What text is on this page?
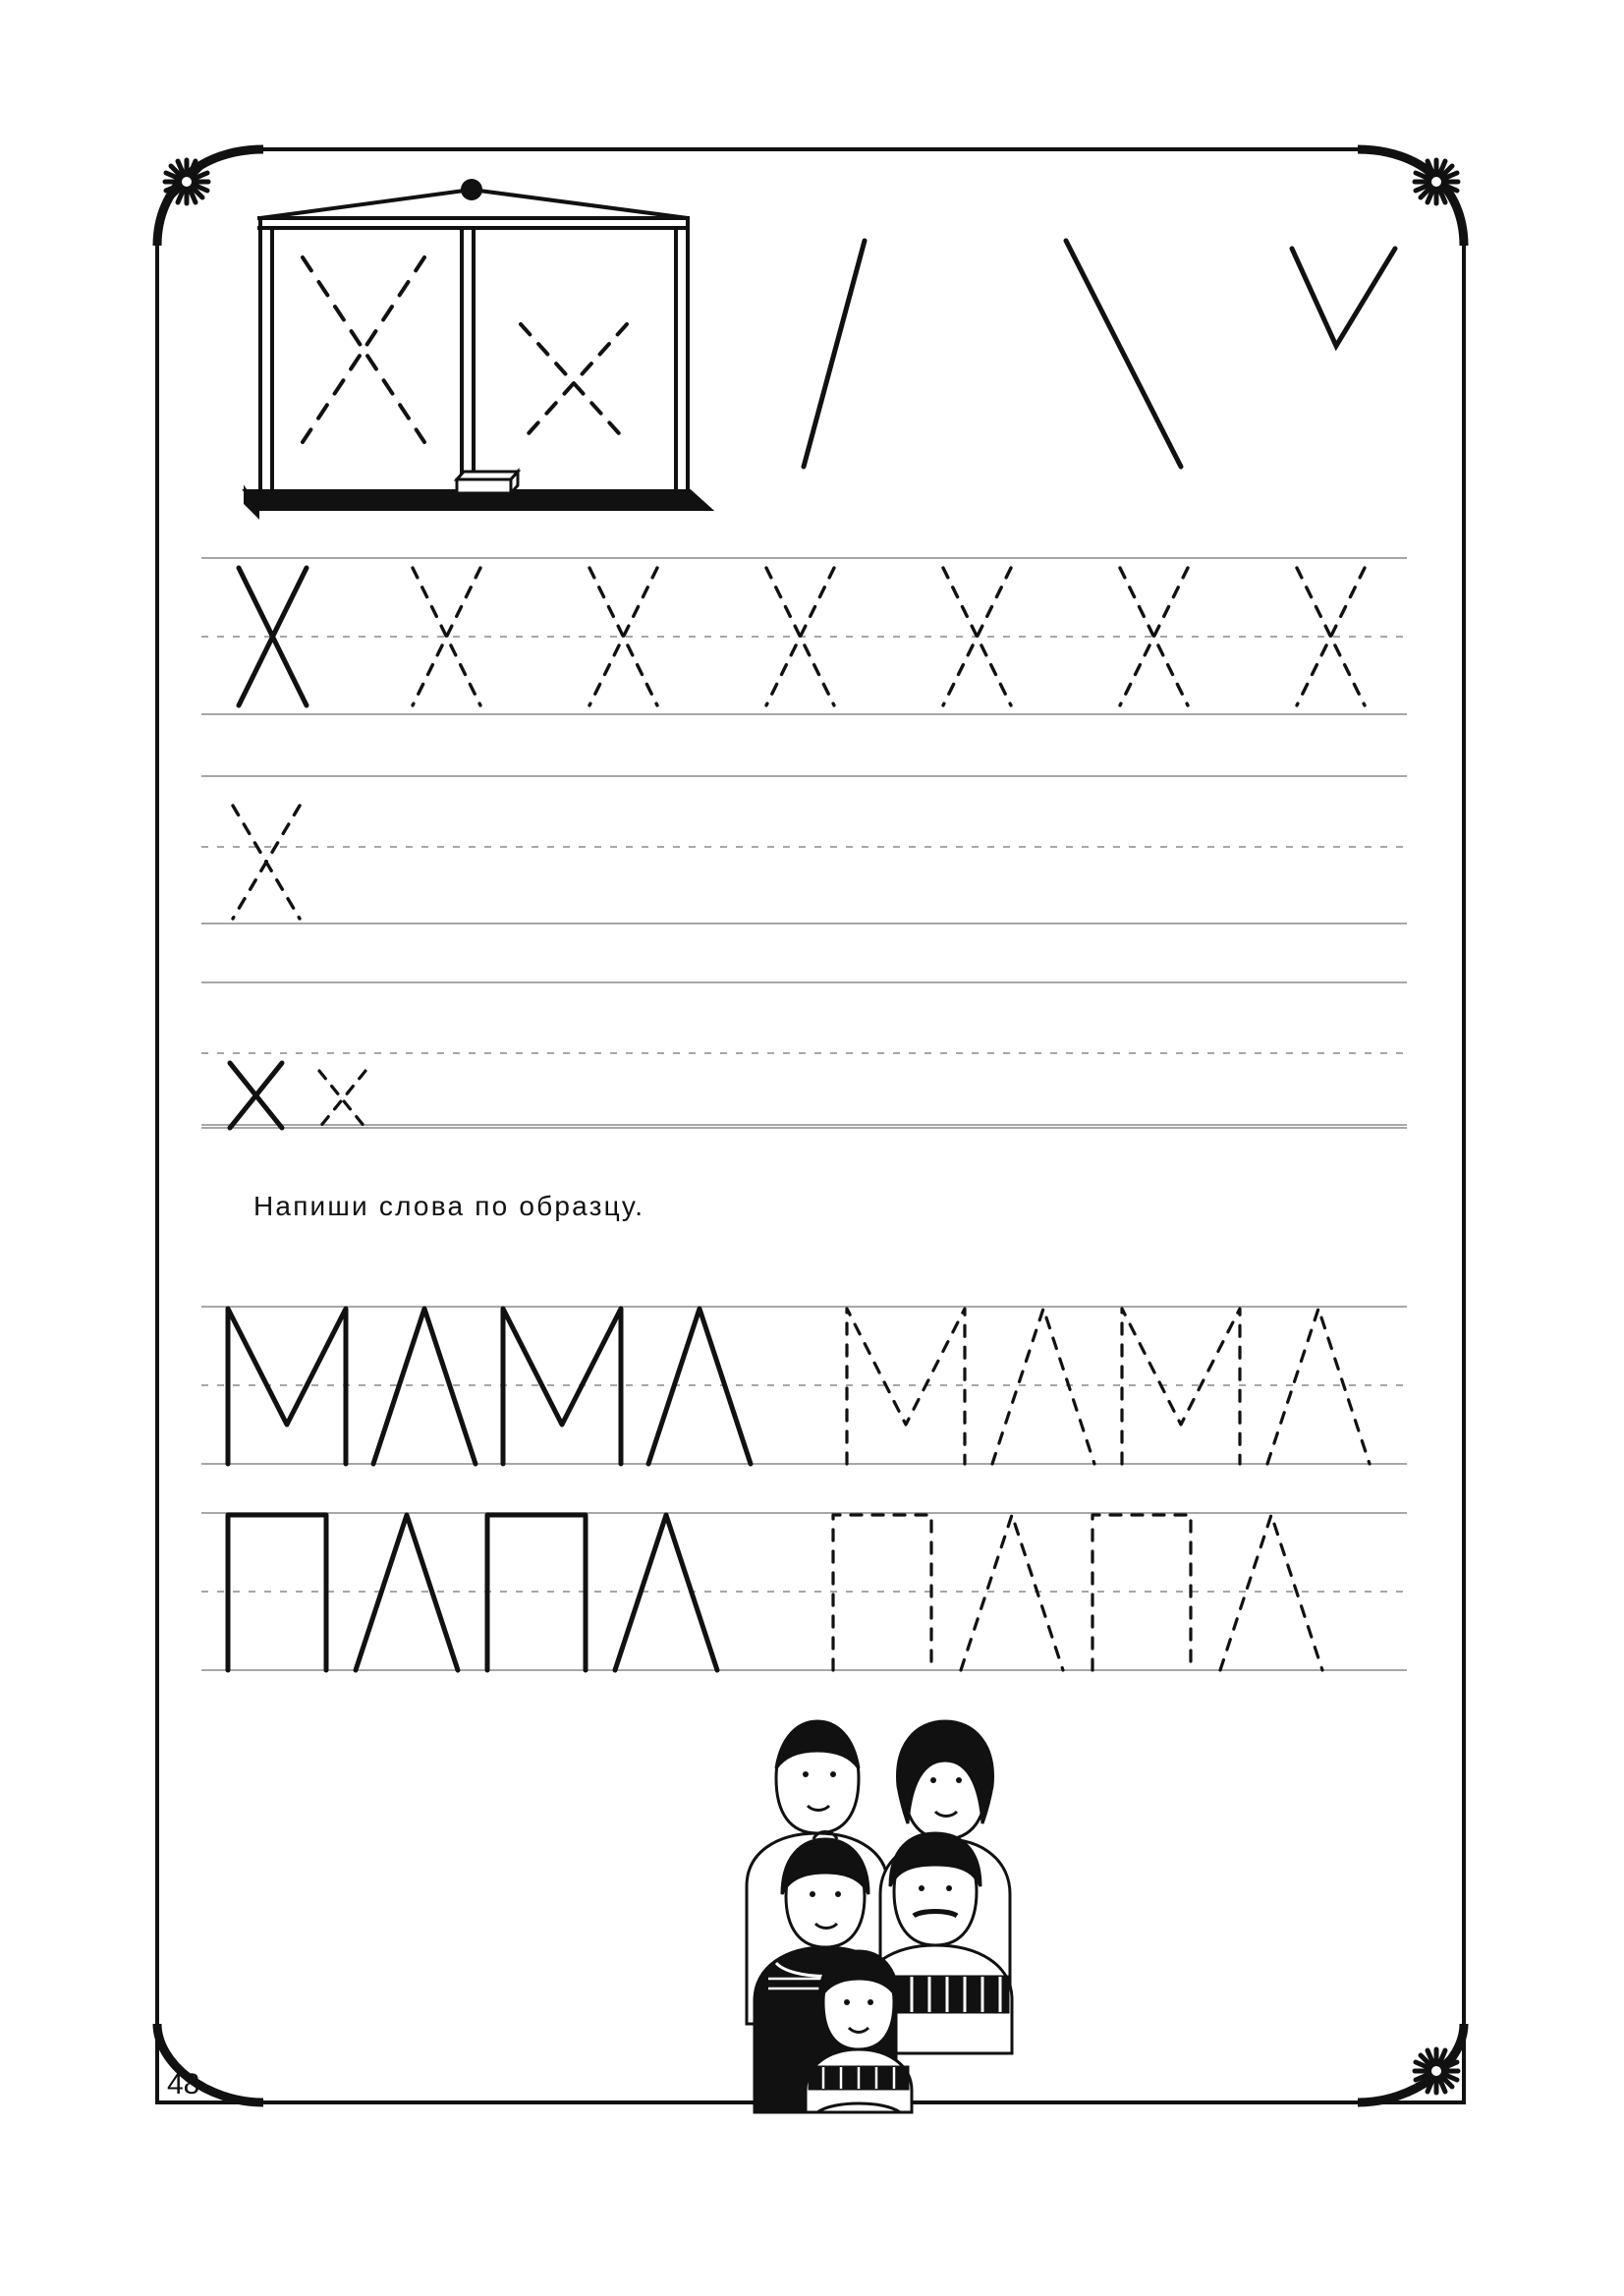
Напиши слова по образцу.
48
